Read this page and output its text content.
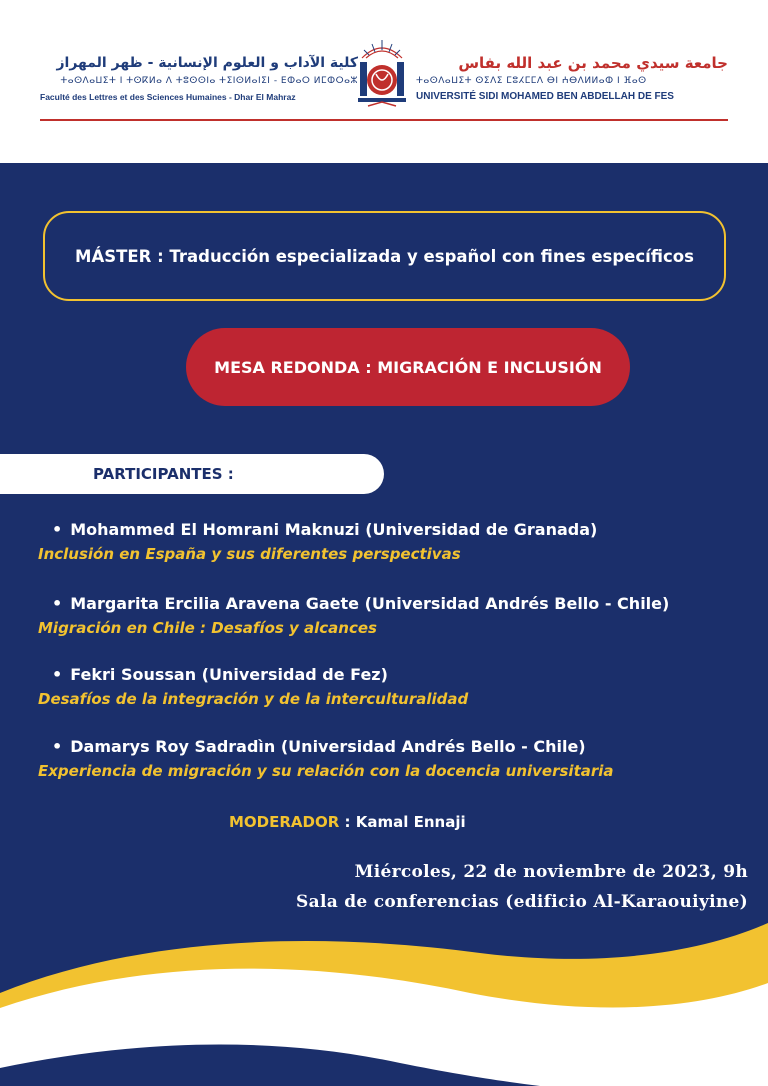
كلية الآداب و العلوم الإنسانية - ظهر المهراز
ⵜⴰⵙⴷⴰⵡⵉⵜ ⵏ ⵜⵙⴽⵍⴰ ⴷ ⵜⵓⵙⵙⵏⴰ ⵜⵉⵏⵙⵍⴰⵏⵉⵏ - ⴹⵀⴰⵔ ⵍⵎⵀⵔⴰⵣ
Faculté des Lettres et des Sciences Humaines - Dhar El Mahraz
جامعة سيدي محمد بن عبد الله بفاس
ⵜⴰⵙⴷⴰⵡⵉⵜ ⵙⵉⴷⵉ ⵎⵓⵃⵎⵎⴷ ⴱⵏ ⵄⴱⴷⵍⵍⴰⵀ ⵏ ⴼⴰⵙ
UNIVERSITÉ SIDI MOHAMED BEN ABDELLAH DE FES
MÁSTER : Traducción especializada y español con fines específicos
MESA REDONDA : MIGRACIÓN E INCLUSIÓN
PARTICIPANTES :
• Mohammed El Homrani Maknuzi (Universidad de Granada)
Inclusión en España y sus diferentes perspectivas
• Margarita Ercilia Aravena Gaete (Universidad Andrés Bello - Chile)
Migración en Chile : Desafíos y alcances
• Fekri Soussan (Universidad de Fez)
Desafíos de la integración y de la interculturalidad
• Damarys Roy Sadradìn (Universidad Andrés Bello - Chile)
Experiencia de migración y su relación con la docencia universitaria
MODERADOR : Kamal Ennaji
Miércoles, 22 de noviembre de 2023, 9h
Sala de conferencias (edificio Al-Karaouiyine)
